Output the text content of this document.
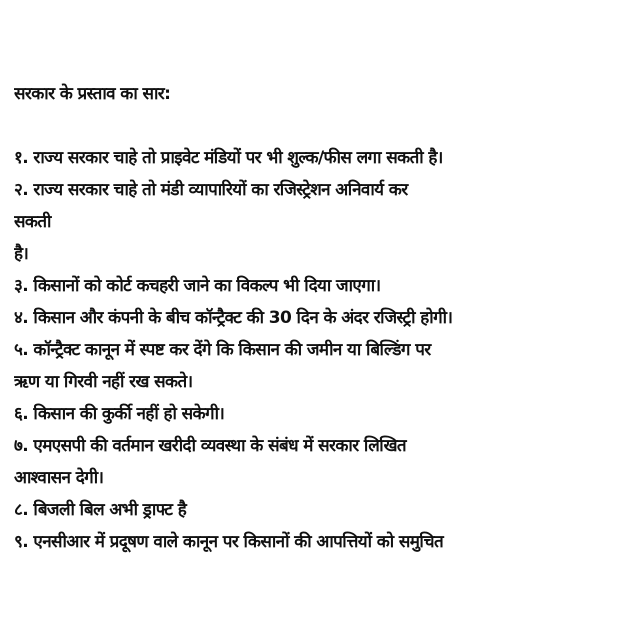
सरकार के प्रस्ताव का सार:
१. राज्य सरकार चाहे तो प्राइवेट मंडियों पर भी शुल्क/फीस लगा सकती है।
२. राज्य सरकार चाहे तो मंडी व्यापारियों का रजिस्ट्रेशन अनिवार्य कर
सकती
है।
३. किसानों को कोर्ट कचहरी जाने का विकल्प भी दिया जाएगा।
४. किसान और कंपनी के बीच कॉन्ट्रैक्ट की 30 दिन के अंदर रजिस्ट्री होगी।
५. कॉन्ट्रैक्ट कानून में स्पष्ट कर देंगे कि किसान की जमीन या बिल्डिंग पर
ऋण या गिरवी नहीं रख सकते।
६. किसान की कुर्की नहीं हो सकेगी।
७. एमएसपी की वर्तमान खरीदी व्यवस्था के संबंध में सरकार लिखित
आश्वासन देगी।
८. बिजली बिल अभी ड्राफ्ट है
९. एनसीआर में प्रदूषण वाले कानून पर किसानों की आपत्तियों को समुचित
